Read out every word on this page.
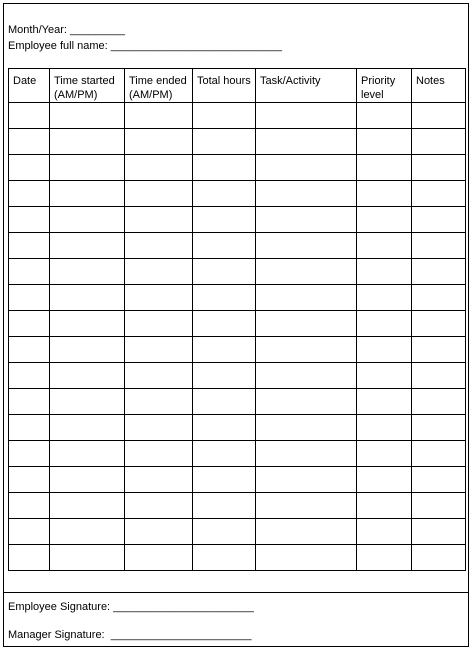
Month/Year: _________
Employee full name: ____________________________
Date	Time started (AM/PM)	Time ended (AM/PM)	Total hours	Task/Activity	Priority level	Notes

Employee Signature: _______________________
Manager Signature:  _______________________
